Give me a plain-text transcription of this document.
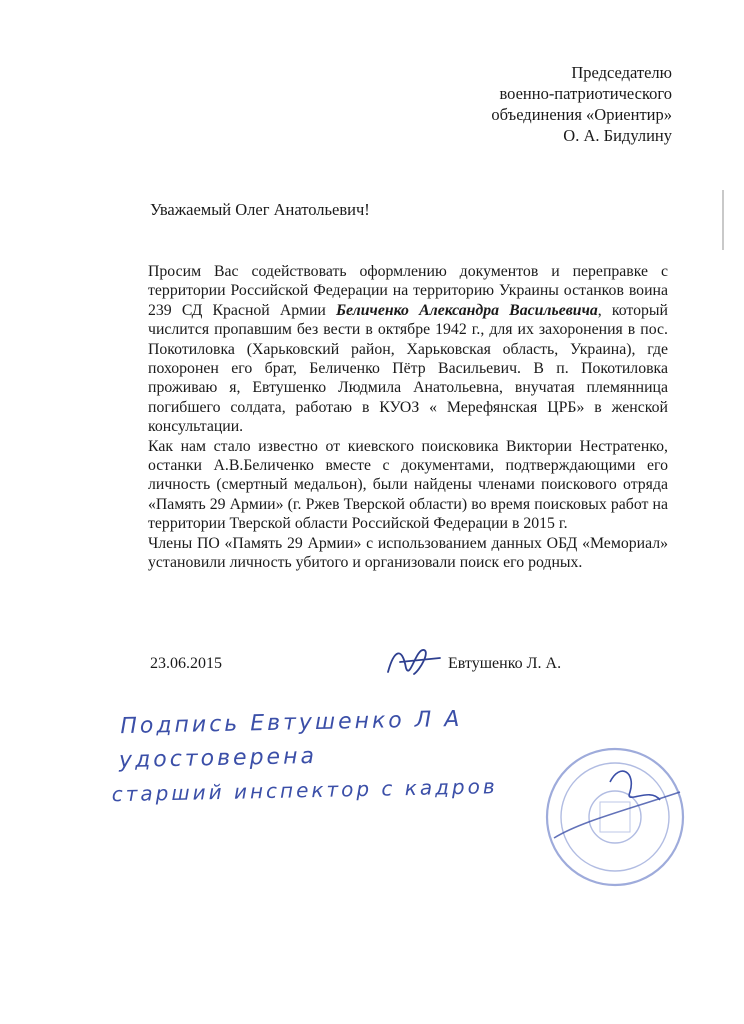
Председателю
военно-патриотического
объединения «Ориентир»
О. А. Бидулину
Уважаемый Олег Анатольевич!

Просим Вас содействовать оформлению документов и переправке с территории Российской Федерации на территорию Украины останков воина 239 СД Красной Армии Беличенко Александра Васильевича, который числится пропавшим без вести в октябре 1942 г., для их захоронения в пос. Покотиловка (Харьковский район, Харьковская область, Украина), где похоронен его брат, Беличенко Пётр Васильевич. В п. Покотиловка проживаю я, Евтушенко Людмила Анатольевна, внучатая племянница погибшего солдата, работаю в КУОЗ « Мерефянская ЦРБ» в женской консультации.

Как нам стало известно от киевского поисковика Виктории Нестратенко, останки А.В.Беличенко вместе с документами, подтверждающими его личность (смертный медальон), были найдены членами поискового отряда «Память 29 Армии» (г. Ржев Тверской области) во время поисковых работ на территории Тверской области Российской Федерации в 2015 г.

Члены ПО «Память 29 Армии» с использованием данных ОБД «Мемориал» установили личность убитого и организовали поиск его родных.

23.06.2015	Евтушенко Л. А.
Подпись Евтушенко Л А
удостоверена
старший инспектор с кадров
